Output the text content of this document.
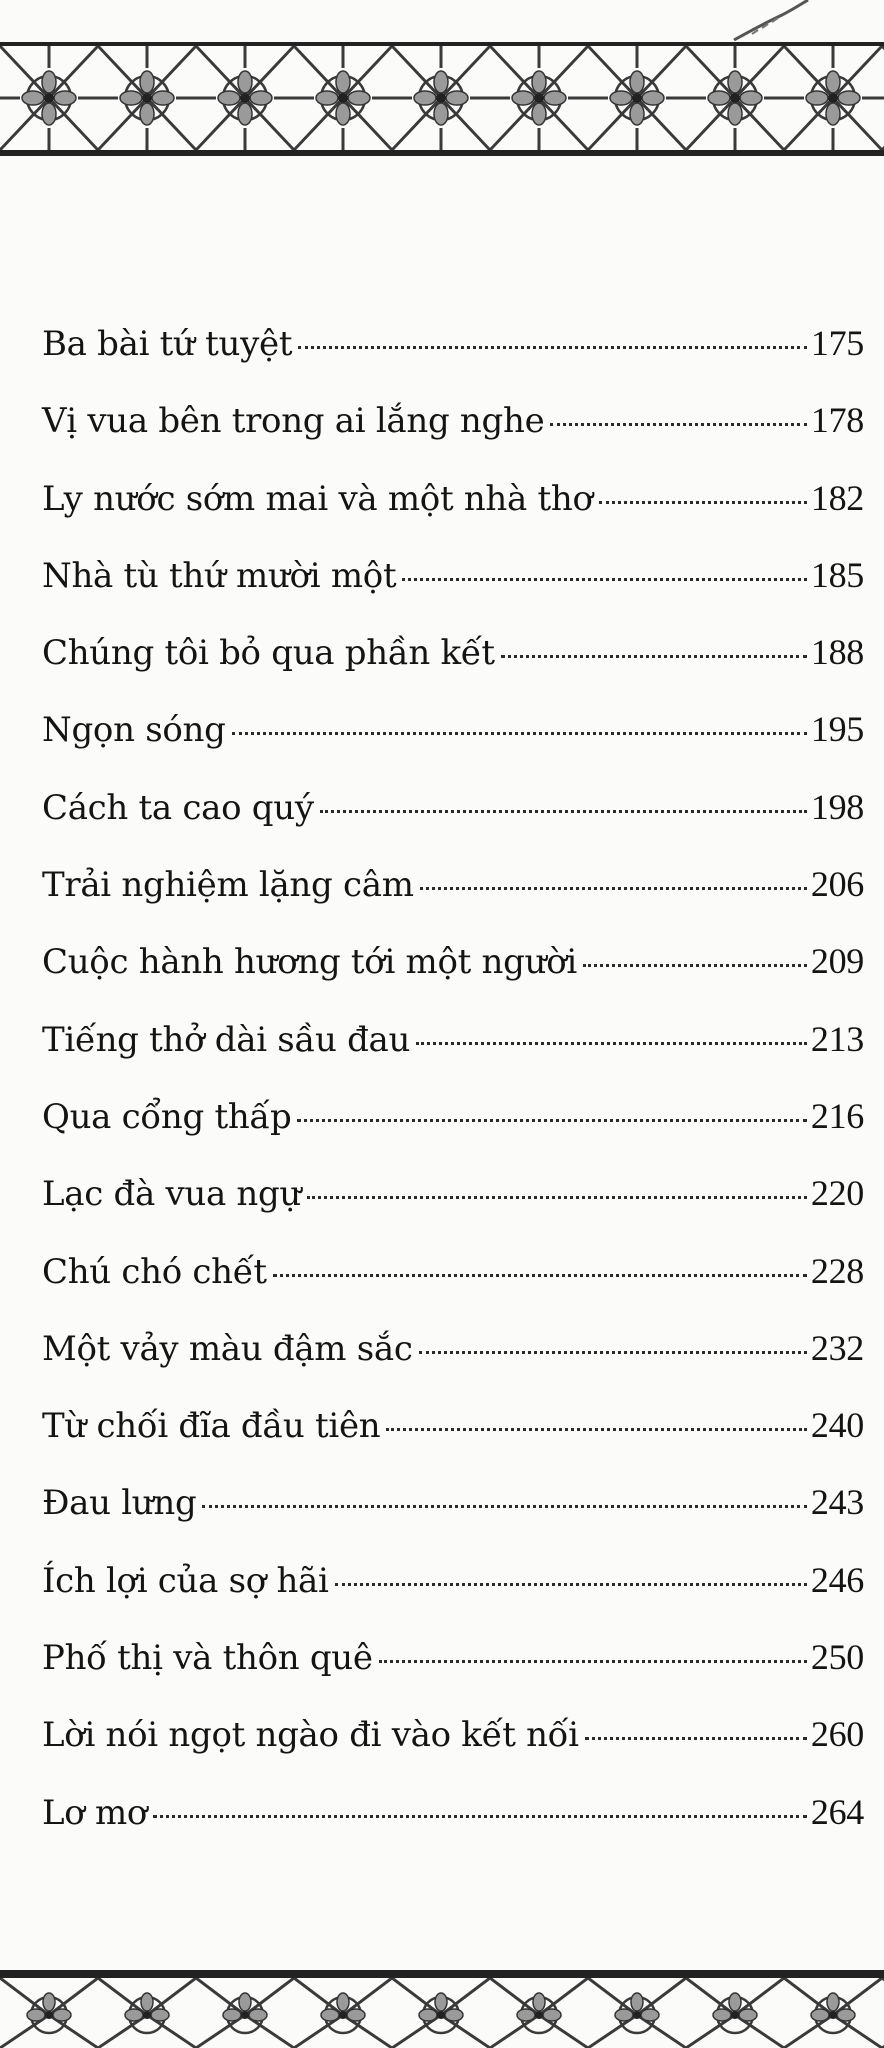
Ba bài tứ tuyệt	175
Vị vua bên trong ai lắng nghe	178
Ly nước sớm mai và một nhà thơ	182
Nhà tù thứ mười một	185
Chúng tôi bỏ qua phần kết	188
Ngọn sóng	195
Cách ta cao quý	198
Trải nghiệm lặng câm	206
Cuộc hành hương tới một người	209
Tiếng thở dài sầu đau	213
Qua cổng thấp	216
Lạc đà vua ngự	220
Chú chó chết	228
Một vảy màu đậm sắc	232
Từ chối đĩa đầu tiên	240
Đau lưng	243
Ích lợi của sợ hãi	246
Phố thị và thôn quê	250
Lời nói ngọt ngào đi vào kết nối	260
Lơ mơ	264
